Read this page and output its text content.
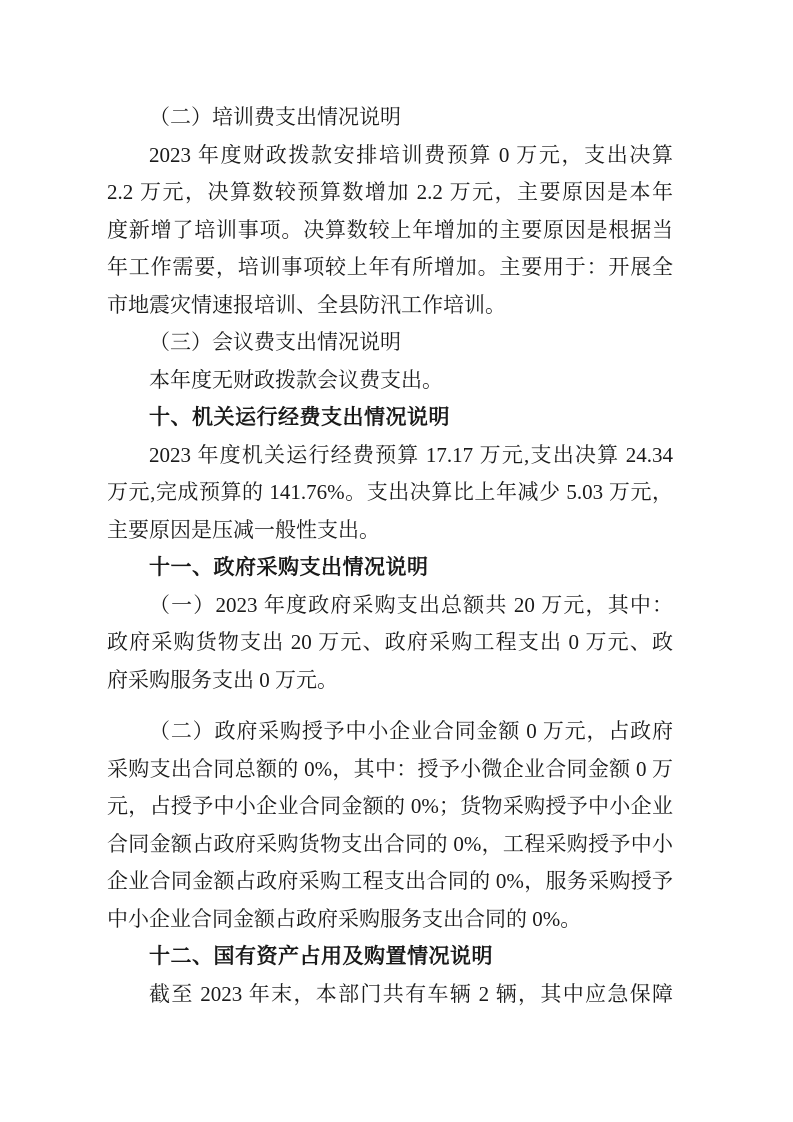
（二）培训费支出情况说明
2023 年度财政拨款安排培训费预算 0 万元，支出决算
2.2 万元，决算数较预算数增加 2.2 万元，主要原因是本年
度新增了培训事项。决算数较上年增加的主要原因是根据当
年工作需要，培训事项较上年有所增加。主要用于：开展全
市地震灾情速报培训、全县防汛工作培训。
（三）会议费支出情况说明
本年度无财政拨款会议费支出。
十、机关运行经费支出情况说明
2023 年度机关运行经费预算 17.17 万元,支出决算 24.34
万元,完成预算的 141.76%。支出决算比上年减少 5.03 万元，
主要原因是压减一般性支出。
十一、政府采购支出情况说明
（一）2023 年度政府采购支出总额共 20 万元，其中：
政府采购货物支出 20 万元、政府采购工程支出 0 万元、政
府采购服务支出 0 万元。
（二）政府采购授予中小企业合同金额 0 万元，占政府
采购支出合同总额的 0%，其中：授予小微企业合同金额 0 万
元，占授予中小企业合同金额的 0%；货物采购授予中小企业
合同金额占政府采购货物支出合同的 0%，工程采购授予中小
企业合同金额占政府采购工程支出合同的 0%，服务采购授予
中小企业合同金额占政府采购服务支出合同的 0%。
十二、国有资产占用及购置情况说明
截至 2023 年末，本部门共有车辆 2 辆，其中应急保障
